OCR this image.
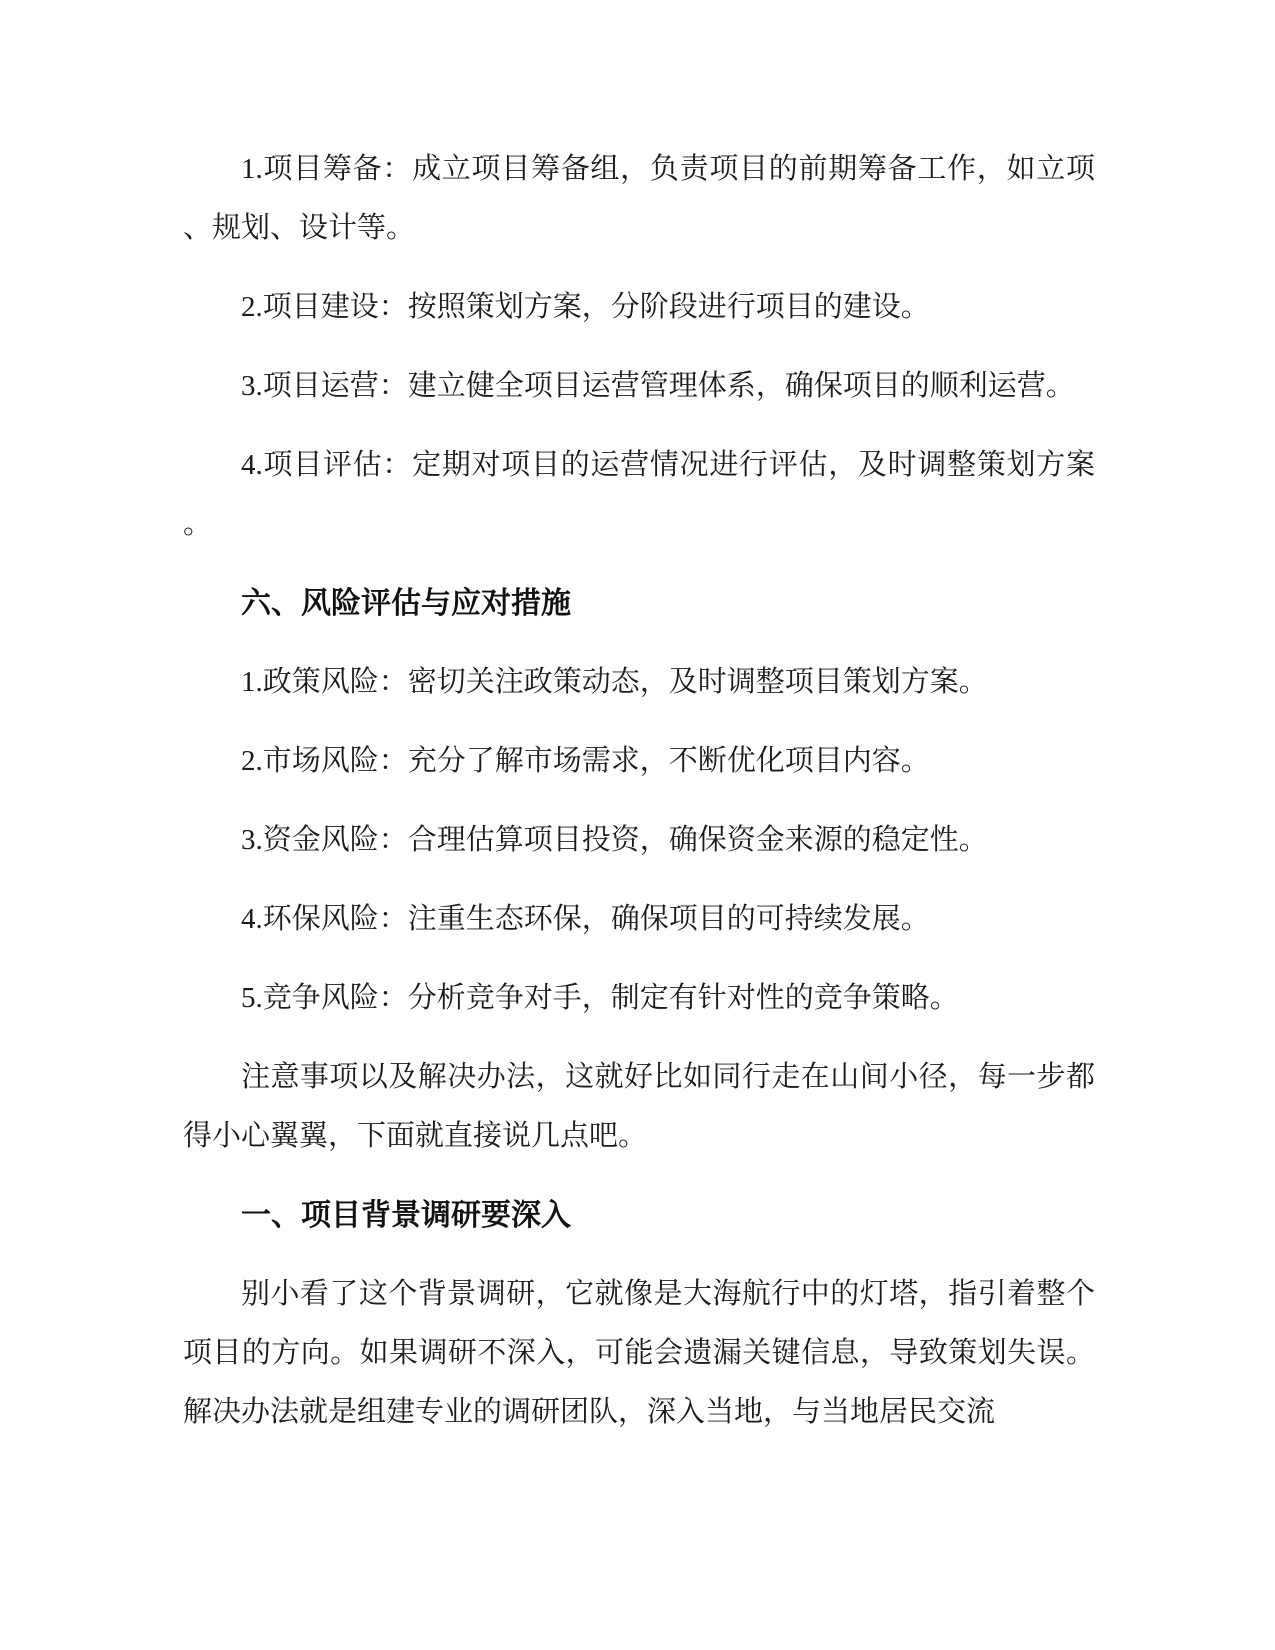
1.项目筹备：成立项目筹备组，负责项目的前期筹备工作，如立项、规划、设计等。

2.项目建设：按照策划方案，分阶段进行项目的建设。

3.项目运营：建立健全项目运营管理体系，确保项目的顺利运营。

4.项目评估：定期对项目的运营情况进行评估，及时调整策划方案。

六、风险评估与应对措施

1.政策风险：密切关注政策动态，及时调整项目策划方案。

2.市场风险：充分了解市场需求，不断优化项目内容。

3.资金风险：合理估算项目投资，确保资金来源的稳定性。

4.环保风险：注重生态环保，确保项目的可持续发展。

5.竞争风险：分析竞争对手，制定有针对性的竞争策略。

注意事项以及解决办法，这就好比如同行走在山间小径，每一步都得小心翼翼，下面就直接说几点吧。

一、项目背景调研要深入

别小看了这个背景调研，它就像是大海航行中的灯塔，指引着整个项目的方向。如果调研不深入，可能会遗漏关键信息，导致策划失误。解决办法就是组建专业的调研团队，深入当地，与当地居民交流
